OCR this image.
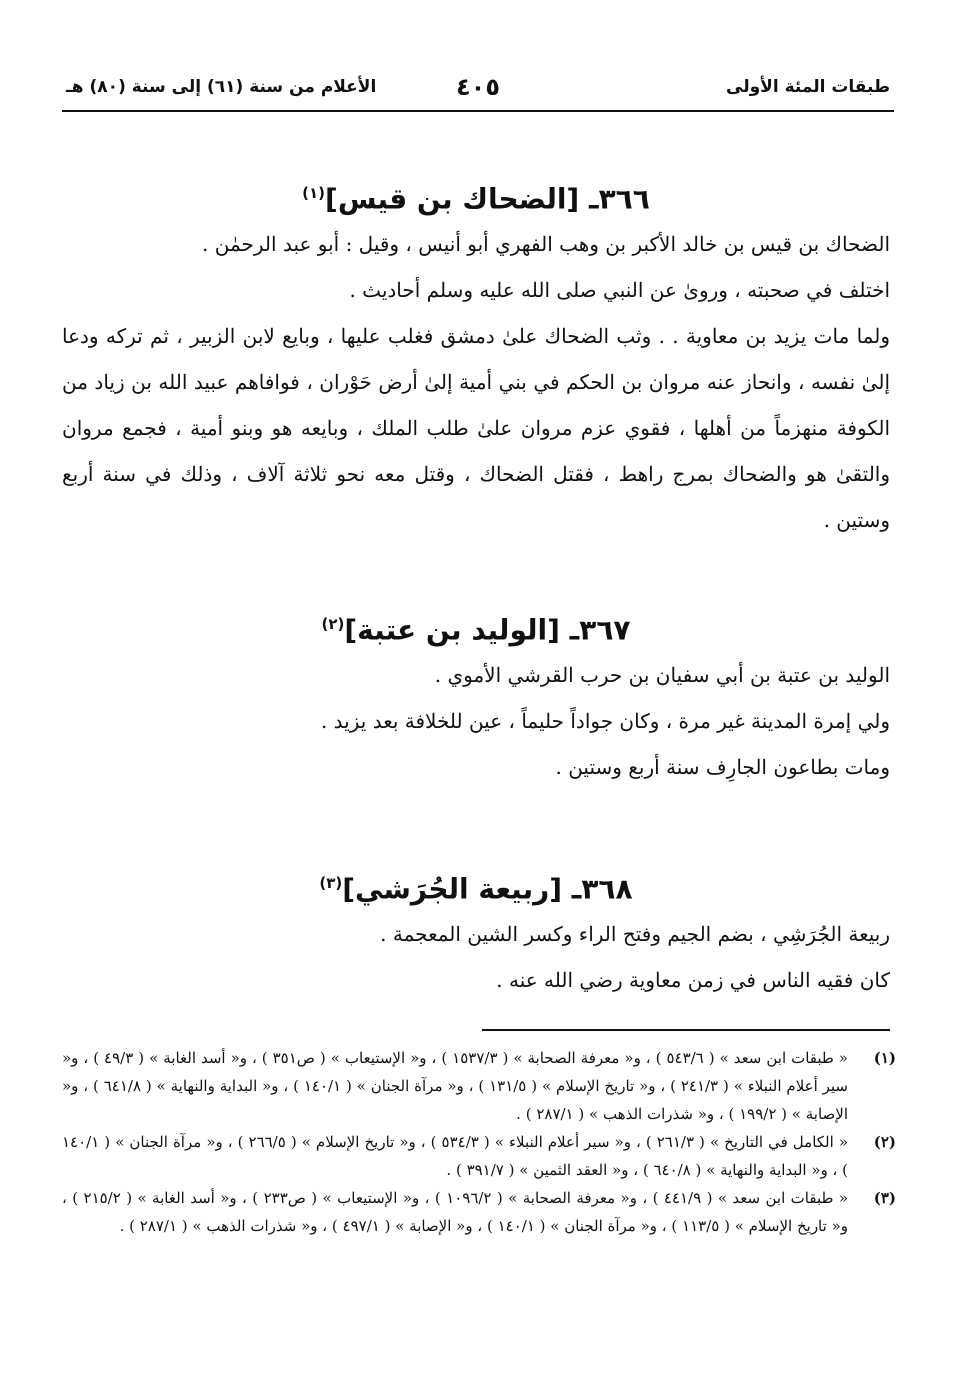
طبقات المئة الأولى
٤٠٥
الأعلام من سنة (٦١) إلى سنة (٨٠) هـ
٣٦٦ـ [الضحاك بن قيس]$^{(١)}$
الضحاك بن قيس بن خالد الأكبر بن وهب الفهري أبو أنيس ، وقيل : أبو عبد الرحمٰن .
اختلف في صحبته ، وروىٰ عن النبي صلى الله عليه وسلم أحاديث .
ولما مات يزيد بن معاوية . . وثب الضحاك علىٰ دمشق فغلب عليها ، وبايع لابن الزبير ، ثم تركه ودعا إلىٰ نفسه ، وانحاز عنه مروان بن الحكم في بني أمية إلىٰ أرض حَوْران ، فوافاهم عبيد الله بن زياد من الكوفة منهزماً من أهلها ، فقوي عزم مروان علىٰ طلب الملك ، وبايعه هو وبنو أمية ، فجمع مروان والتقىٰ هو والضحاك بمرج راهط ، فقتل الضحاك ، وقتل معه نحو ثلاثة آلاف ، وذلك في سنة أربع وستين .
٣٦٧ـ [الوليد بن عتبة]$^{(٢)}$
الوليد بن عتبة بن أبي سفيان بن حرب القرشي الأموي .
ولي إمرة المدينة غير مرة ، وكان جواداً حليماً ، عين للخلافة بعد يزيد .
ومات بطاعون الجارِف سنة أربع وستين .
٣٦٨ـ [ربيعة الجُرَشي]$^{(٣)}$
ربيعة الجُرَشِي ، بضم الجيم وفتح الراء وكسر الشين المعجمة .
كان فقيه الناس في زمن معاوية رضي الله عنه .
(١)
« طبقات ابن سعد » ( ٥٤٣/٦ ) ، و« معرفة الصحابة » ( ١٥٣٧/٣ ) ، و« الإستيعاب » ( ص٣٥١ ) ، و« أسد الغابة » ( ٤٩/٣ ) ، و« سير أعلام النبلاء » ( ٢٤١/٣ ) ، و« تاريخ الإسلام » ( ١٣١/٥ ) ، و« مرآة الجنان » ( ١٤٠/١ ) ، و« البداية والنهاية » ( ٦٤١/٨ ) ، و« الإصابة » ( ١٩٩/٢ ) ، و« شذرات الذهب » ( ٢٨٧/١ ) .
(٢)
« الكامل في التاريخ » ( ٢٦١/٣ ) ، و« سير أعلام النبلاء » ( ٥٣٤/٣ ) ، و« تاريخ الإسلام » ( ٢٦٦/٥ ) ، و« مرآة الجنان » ( ١٤٠/١ ) ، و« البداية والنهاية » ( ٦٤٠/٨ ) ، و« العقد الثمين » ( ٣٩١/٧ ) .
(٣)
« طبقات ابن سعد » ( ٤٤١/٩ ) ، و« معرفة الصحابة » ( ١٠٩٦/٢ ) ، و« الإستيعاب » ( ص٢٣٣ ) ، و« أسد الغابة » ( ٢١٥/٢ ) ، و« تاريخ الإسلام » ( ١١٣/٥ ) ، و« مرآة الجنان » ( ١٤٠/١ ) ، و« الإصابة » ( ٤٩٧/١ ) ، و« شذرات الذهب » ( ٢٨٧/١ ) .
